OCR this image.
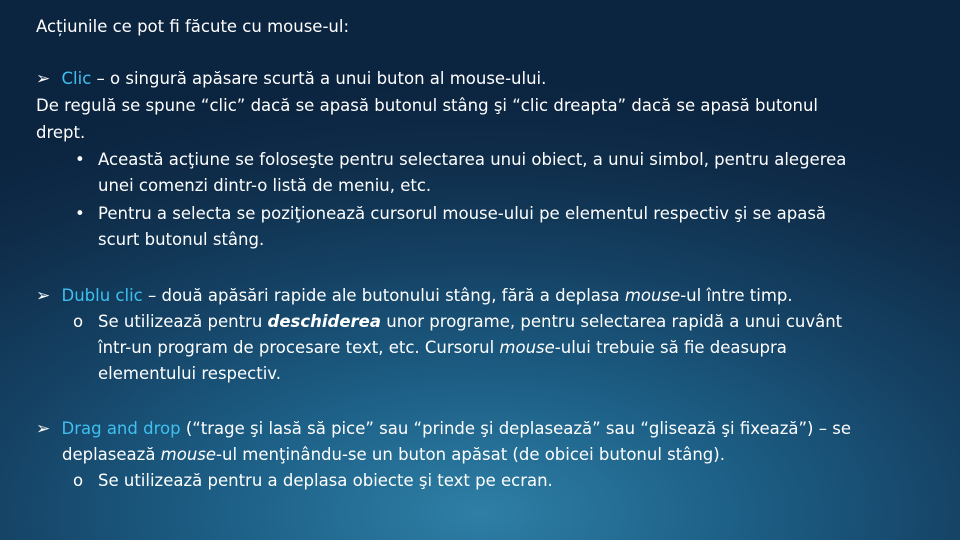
Acțiunile ce pot fi făcute cu mouse-ul:
➢ Clic – o singură apăsare scurtă a unui buton al mouse-ului.
De regulă se spune “clic” dacă se apasă butonul stâng şi “clic dreapta” dacă se apasă butonul
drept.
• Această acţiune se foloseşte pentru selectarea unui obiect, a unui simbol, pentru alegerea
unei comenzi dintr-o listă de meniu, etc.
• Pentru a selecta se poziţionează cursorul mouse-ului pe elementul respectiv şi se apasă
scurt butonul stâng.
➢ Dublu clic – două apăsări rapide ale butonului stâng, fără a deplasa mouse-ul între timp.
o Se utilizează pentru deschiderea unor programe, pentru selectarea rapidă a unui cuvânt
într-un program de procesare text, etc. Cursorul mouse-ului trebuie să fie deasupra
elementului respectiv.
➢ Drag and drop (“trage şi lasă să pice” sau “prinde şi deplasează” sau “glisează şi fixează”) – se
deplasează mouse-ul menţinându-se un buton apăsat (de obicei butonul stâng).
o Se utilizează pentru a deplasa obiecte şi text pe ecran.
